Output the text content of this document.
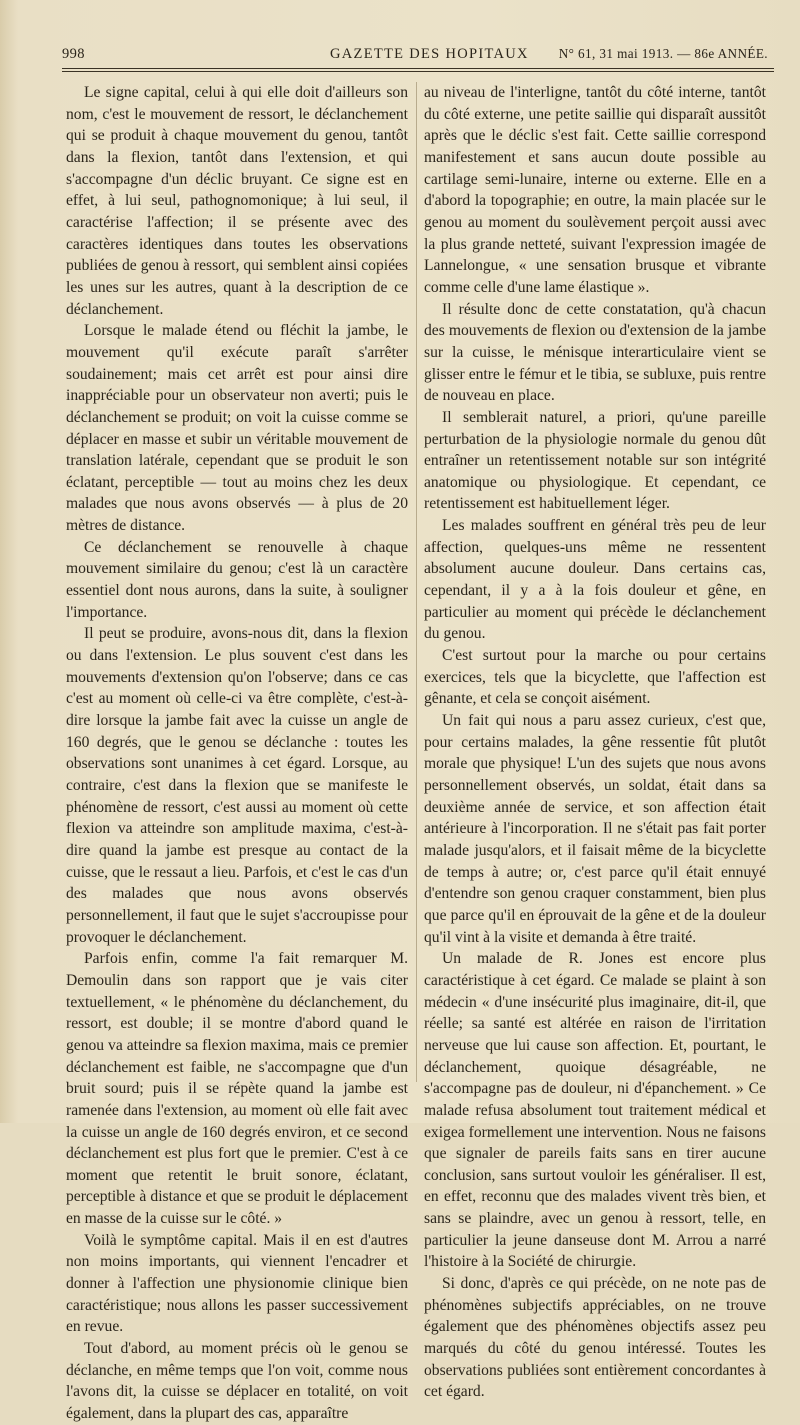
998	GAZETTE DES HOPITAUX N° 61, 31 mai 1913. — 86e ANNÉE.

Le signe capital, celui à qui elle doit d'ailleurs son nom, c'est le mouvement de ressort, le déclanchement qui se produit à chaque mouvement du genou, tantôt dans la flexion, tantôt dans l'extension, et qui s'accompagne d'un déclic bruyant. Ce signe est en effet, à lui seul, pathognomonique; à lui seul, il caractérise l'affection; il se présente avec des caractères identiques dans toutes les observations publiées de genou à ressort, qui semblent ainsi copiées les unes sur les autres, quant à la description de ce déclanchement.

Lorsque le malade étend ou fléchit la jambe, le mouvement qu'il exécute paraît s'arrêter soudainement; mais cet arrêt est pour ainsi dire inappréciable pour un observateur non averti; puis le déclanchement se produit; on voit la cuisse comme se déplacer en masse et subir un véritable mouvement de translation latérale, cependant que se produit le son éclatant, perceptible — tout au moins chez les deux malades que nous avons observés — à plus de 20 mètres de distance.

Ce déclanchement se renouvelle à chaque mouvement similaire du genou; c'est là un caractère essentiel dont nous aurons, dans la suite, à souligner l'importance.

Il peut se produire, avons-nous dit, dans la flexion ou dans l'extension. Le plus souvent c'est dans les mouvements d'extension qu'on l'observe; dans ce cas c'est au moment où celle-ci va être complète, c'est-à-dire lorsque la jambe fait avec la cuisse un angle de 160 degrés, que le genou se déclanche : toutes les observations sont unanimes à cet égard. Lorsque, au contraire, c'est dans la flexion que se manifeste le phénomène de ressort, c'est aussi au moment où cette flexion va atteindre son amplitude maxima, c'est-à-dire quand la jambe est presque au contact de la cuisse, que le ressaut a lieu. Parfois, et c'est le cas d'un des malades que nous avons observés personnellement, il faut que le sujet s'accroupisse pour provoquer le déclanchement.

Parfois enfin, comme l'a fait remarquer M. Demoulin dans son rapport que je vais citer textuellement, « le phénomène du déclanchement, du ressort, est double; il se montre d'abord quand le genou va atteindre sa flexion maxima, mais ce premier déclanchement est faible, ne s'accompagne que d'un bruit sourd; puis il se répète quand la jambe est ramenée dans l'extension, au moment où elle fait avec la cuisse un angle de 160 degrés environ, et ce second déclanchement est plus fort que le premier. C'est à ce moment que retentit le bruit sonore, éclatant, perceptible à distance et que se produit le déplacement en masse de la cuisse sur le côté. »

Voilà le symptôme capital. Mais il en est d'autres non moins importants, qui viennent l'encadrer et donner à l'affection une physionomie clinique bien caractéristique; nous allons les passer successivement en revue.

Tout d'abord, au moment précis où le genou se déclanche, en même temps que l'on voit, comme nous l'avons dit, la cuisse se déplacer en totalité, on voit également, dans la plupart des cas, apparaître

au niveau de l'interligne, tantôt du côté interne, tantôt du côté externe, une petite saillie qui disparaît aussitôt après que le déclic s'est fait. Cette saillie correspond manifestement et sans aucun doute possible au cartilage semi-lunaire, interne ou externe. Elle en a d'abord la topographie; en outre, la main placée sur le genou au moment du soulèvement perçoit aussi avec la plus grande netteté, suivant l'expression imagée de Lannelongue, « une sensation brusque et vibrante comme celle d'une lame élastique ».

Il résulte donc de cette constatation, qu'à chacun des mouvements de flexion ou d'extension de la jambe sur la cuisse, le ménisque interarticulaire vient se glisser entre le fémur et le tibia, se subluxe, puis rentre de nouveau en place.

Il semblerait naturel, a priori, qu'une pareille perturbation de la physiologie normale du genou dût entraîner un retentissement notable sur son intégrité anatomique ou physiologique. Et cependant, ce retentissement est habituellement léger.

Les malades souffrent en général très peu de leur affection, quelques-uns même ne ressentent absolument aucune douleur. Dans certains cas, cependant, il y a à la fois douleur et gêne, en particulier au moment qui précède le déclanchement du genou.

C'est surtout pour la marche ou pour certains exercices, tels que la bicyclette, que l'affection est gênante, et cela se conçoit aisément.

Un fait qui nous a paru assez curieux, c'est que, pour certains malades, la gêne ressentie fût plutôt morale que physique! L'un des sujets que nous avons personnellement observés, un soldat, était dans sa deuxième année de service, et son affection était antérieure à l'incorporation. Il ne s'était pas fait porter malade jusqu'alors, et il faisait même de la bicyclette de temps à autre; or, c'est parce qu'il était ennuyé d'entendre son genou craquer constamment, bien plus que parce qu'il en éprouvait de la gêne et de la douleur qu'il vint à la visite et demanda à être traité.

Un malade de R. Jones est encore plus caractéristique à cet égard. Ce malade se plaint à son médecin « d'une insécurité plus imaginaire, dit-il, que réelle; sa santé est altérée en raison de l'irritation nerveuse que lui cause son affection. Et, pourtant, le déclanchement, quoique désagréable, ne s'accompagne pas de douleur, ni d'épanchement. » Ce malade refusa absolument tout traitement médical et exigea formellement une intervention. Nous ne faisons que signaler de pareils faits sans en tirer aucune conclusion, sans surtout vouloir les généraliser. Il est, en effet, reconnu que des malades vivent très bien, et sans se plaindre, avec un genou à ressort, telle, en particulier la jeune danseuse dont M. Arrou a narré l'histoire à la Société de chirurgie.

Si donc, d'après ce qui précède, on ne note pas de phénomènes subjectifs appréciables, on ne trouve également que des phénomènes objectifs assez peu marqués du côté du genou intéressé. Toutes les observations publiées sont entièrement concordantes à cet égard.
